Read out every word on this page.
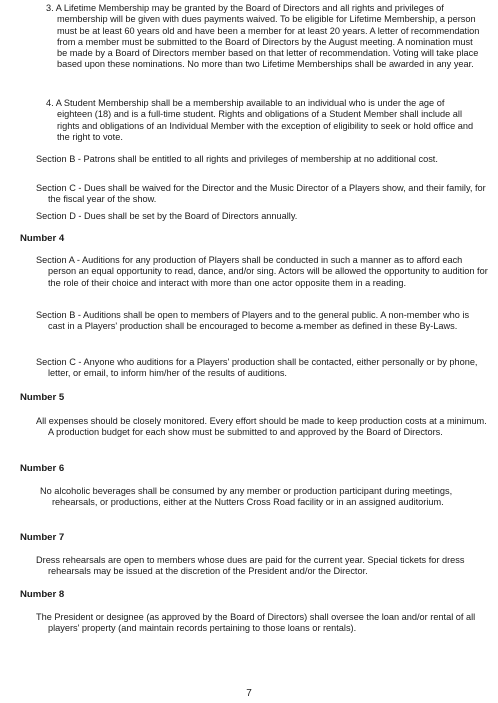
3. A Lifetime Membership may be granted by the Board of Directors and all rights and privileges of membership will be given with dues payments waived. To be eligible for Lifetime Membership, a person must be at least 60 years old and have been a member for at least 20 years. A letter of recommendation from a member must be submitted to the Board of Directors by the August meeting. A nomination must be made by a Board of Directors member based on that letter of recommendation. Voting will take place based upon these nominations. No more than two Lifetime Memberships shall be awarded in any year.

4. A Student Membership shall be a membership available to an individual who is under the age of eighteen (18) and is a full-time student. Rights and obligations of a Student Member shall include all rights and obligations of an Individual Member with the exception of eligibility to seek or hold office and the right to vote.

Section B - Patrons shall be entitled to all rights and privileges of membership at no additional cost.

Section C - Dues shall be waived for the Director and the Music Director of a Players show, and their family, for the fiscal year of the show.

Section D - Dues shall be set by the Board of Directors annually.

Number 4

Section A - Auditions for any production of Players shall be conducted in such a manner as to afford each person an equal opportunity to read, dance, and/or sing. Actors will be allowed the opportunity to audition for the role of their choice and interact with more than one actor opposite them in a reading.

Section B - Auditions shall be open to members of Players and to the general public. A non-member who is cast in a Players' production shall be encouraged to become a̵ member as defined in these By-Laws.

Section C - Anyone who auditions for a Players' production shall be contacted, either personally or by phone, letter, or email, to inform him/her of the results of auditions.

Number 5

All expenses should be closely monitored. Every effort should be made to keep production costs at a minimum. A production budget for each show must be submitted to and approved by the Board of Directors.

Number 6

No alcoholic beverages shall be consumed by any member or production participant during meetings, rehearsals, or productions, either at the Nutters Cross Road facility or in an assigned auditorium.

Number 7

Dress rehearsals are open to members whose dues are paid for the current year. Special tickets for dress rehearsals may be issued at the discretion of the President and/or the Director.

Number 8

The President or designee (as approved by the Board of Directors) shall oversee the loan and/or rental of all players' property (and maintain records pertaining to those loans or rentals).

7
